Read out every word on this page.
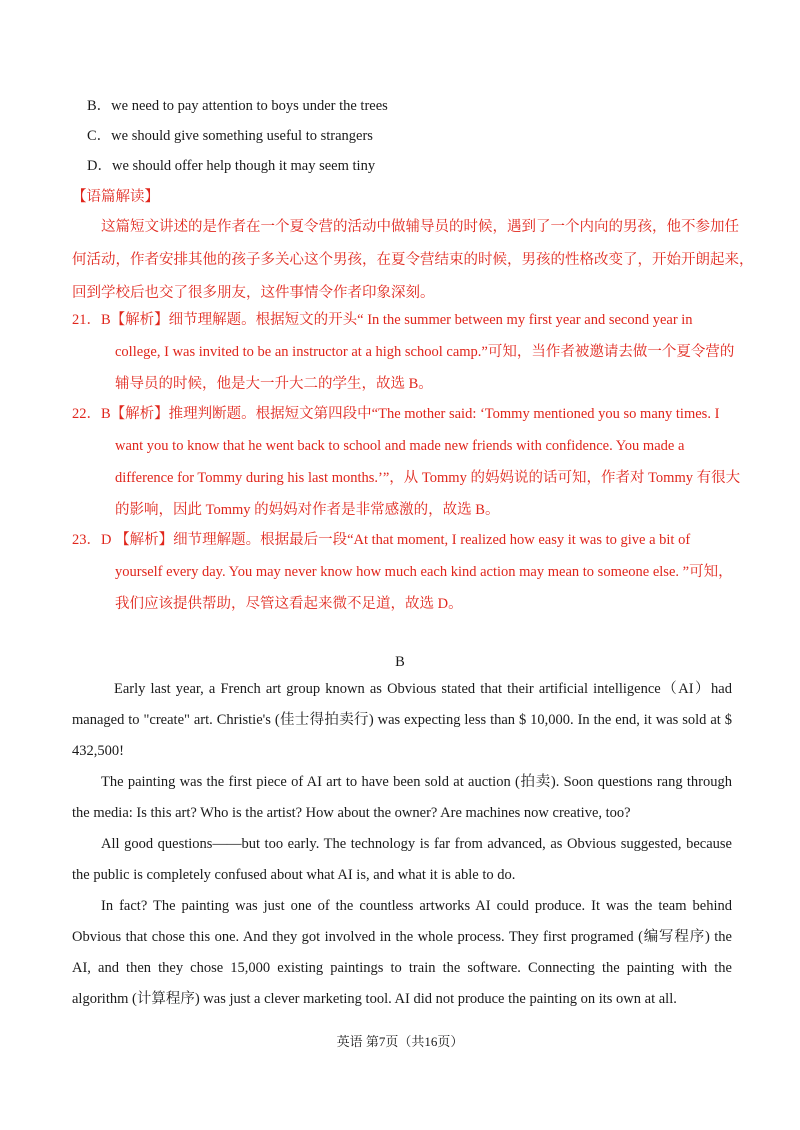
B．we need to pay attention to boys under the trees
C．we should give something useful to strangers
D．we should offer help though it may seem tiny
【语篇解读】
这篇短文讲述的是作者在一个夏令营的活动中做辅导员的时候，遇到了一个内向的男孩，他不参加任
何活动，作者安排其他的孩子多关心这个男孩，在夏令营结束的时候，男孩的性格改变了，开始开朗起来，
回到学校后也交了很多朋友，这件事情令作者印象深刻。
21．B【解析】细节理解题。根据短文的开头“ In the summer between my first year and second year in
college, I was invited to be an instructor at a high school camp.”可知，当作者被邀请去做一个夏令营的
辅导员的时候，他是大一升大二的学生，故选 B。
22．B【解析】推理判断题。根据短文第四段中“The mother said: ‘Tommy mentioned you so many times. I
want you to know that he went back to school and made new friends with confidence. You made a
difference for Tommy during his last months.’”，从 Tommy 的妈妈说的话可知，作者对 Tommy 有很大
的影响，因此 Tommy 的妈妈对作者是非常感激的，故选 B。
23．D 【解析】细节理解题。根据最后一段“At that moment, I realized how easy it was to give a bit of
yourself every day. You may never know how much each kind action may mean to someone else. ”可知，
我们应该提供帮助，尽管这看起来微不足道，故选 D。
B

Early last year, a French art group known as Obvious stated that their artificial intelligence（AI）had managed to "create" art. Christie's (佳士得拍卖行) was expecting less than $ 10,000. In the end, it was sold at $ 432,500!

The painting was the first piece of AI art to have been sold at auction (拍卖). Soon questions rang through the media: Is this art? Who is the artist? How about the owner? Are machines now creative, too?

All good questions——but too early. The technology is far from advanced, as Obvious suggested, because the public is completely confused about what AI is, and what it is able to do.

In fact? The painting was just one of the countless artworks AI could produce. It was the team behind Obvious that chose this one. And they got involved in the whole process. They first programed (编写程序) the AI, and then they chose 15,000 existing paintings to train the software. Connecting the painting with the algorithm (计算程序) was just a clever marketing tool. AI did not produce the painting on its own at all.

英语 第7页（共16页）
